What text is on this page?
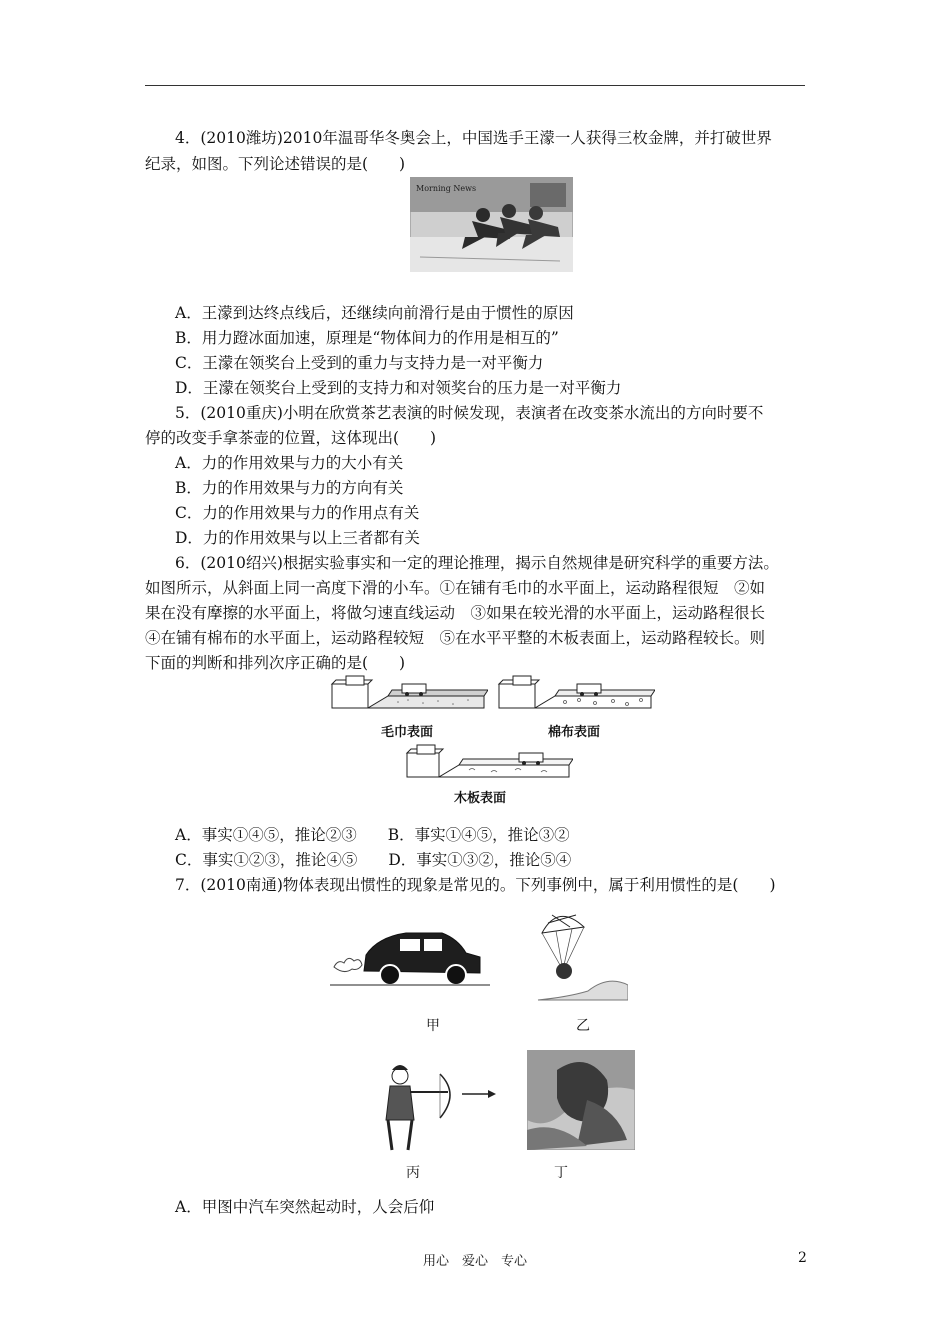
4．(2010潍坊)2010年温哥华冬奥会上，中国选手王濛一人获得三枚金牌，并打破世界
纪录，如图。下列论述错误的是(　　)
Morning News
A．王濛到达终点线后，还继续向前滑行是由于惯性的原因
B．用力蹬冰面加速，原理是“物体间力的作用是相互的”
C．王濛在领奖台上受到的重力与支持力是一对平衡力
D．王濛在领奖台上受到的支持力和对领奖台的压力是一对平衡力
5．(2010重庆)小明在欣赏茶艺表演的时候发现，表演者在改变茶水流出的方向时要不
停的改变手拿茶壶的位置，这体现出(　　)
A．力的作用效果与力的大小有关
B．力的作用效果与力的方向有关
C．力的作用效果与力的作用点有关
D．力的作用效果与以上三者都有关
6．(2010绍兴)根据实验事实和一定的理论推理，揭示自然规律是研究科学的重要方法。
如图所示，从斜面上同一高度下滑的小车。①在铺有毛巾的水平面上，运动路程很短　②如
果在没有摩擦的水平面上，将做匀速直线运动　③如果在较光滑的水平面上，运动路程很长
④在铺有棉布的水平面上，运动路程较短　⑤在水平平整的木板表面上，运动路程较长。则
下面的判断和排列次序正确的是(　　)
毛巾表面	棉布表面
木板表面
A．事实①④⑤，推论②③　　B．事实①④⑤，推论③②
C．事实①②③，推论④⑤　　D．事实①③②，推论⑤④
7．(2010南通)物体表现出惯性的现象是常见的。下列事例中，属于利用惯性的是(　　)
甲	乙
丙	丁
A．甲图中汽车突然起动时，人会后仰
用心　爱心　专心	2
